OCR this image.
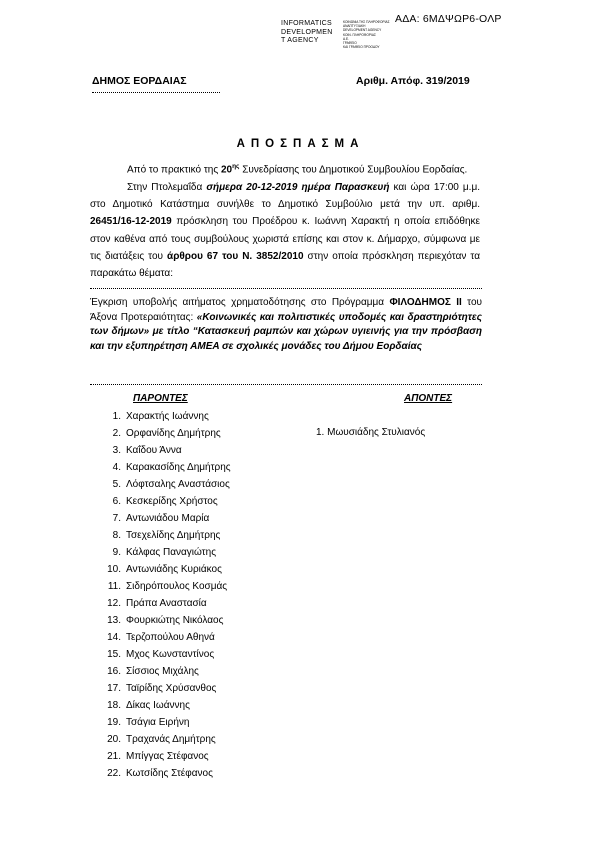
ΑΔΑ: 6ΜΔΨΩΡ6-ΟΛΡ
INFORMATICS
DEVELOPMEN
T AGENCY
ΚΟΙΝΩΝΙΑ ΤΗΣ ΠΛΗΡΟΦΟΡΙΑΣ
ΑΝΑΠΤΥΞΙΑΚΗ
DEVELOPMENT AGENCY
ΚΟΙΝ. ΠΛΗΡΟΦΟΡΙΑΣ
Α.Ε.
ΓΡΑΦΕΙΟ
ΚΑΙ ΓΡΑΦΕΙΟ ΠΡΟΟΔΟΥ
ΔΗΜΟΣ ΕΟΡΔΑΙΑΣ	Αριθμ. Απόφ. 319/2019
ΑΠΟΣΠΑΣΜΑ

Από το πρακτικό της $20^{\eta\varsigma}$ Συνεδρίασης του Δημοτικού Συμβουλίου Εορδαίας.

Στην Πτολεμαΐδα σήμερα 20-12-2019 ημέρα Παρασκευή και ώρα 17:00 μ.μ. στο Δημοτικό Κατάστημα συνήλθε το Δημοτικό Συμβούλιο μετά την υπ. αριθμ. 26451/16-12-2019 πρόσκληση του Προέδρου κ. Ιωάννη Χαρακτή η οποία επιδόθηκε στον καθένα από τους συμβούλους χωριστά επίσης και στον κ. Δήμαρχο, σύμφωνα με τις διατάξεις του άρθρου 67 του Ν. 3852/2010 στην οποία πρόσκληση περιεχόταν τα παρακάτω θέματα:

Έγκριση υποβολής αιτήματος χρηματοδότησης στο Πρόγραμμα ΦΙΛΟΔΗΜΟΣ ΙΙ του Άξονα Προτεραιότητας: «Κοινωνικές και πολιτιστικές υποδομές και δραστηριότητες των δήμων» με τίτλο “Κατασκευή ραμπών και χώρων υγιεινής για την πρόσβαση και την εξυπηρέτηση ΑΜΕΑ σε σχολικές μονάδες του Δήμου Εορδαίας

ΠΑΡΟΝΤΕΣ	ΑΠΟΝΤΕΣ
1. Χαρακτής Ιωάννης
2. Ορφανίδης Δημήτρης
3. Καΐδου Άννα
4. Καρακασίδης Δημήτρης
5. Λόφτσαλης Αναστάσιος
6. Κεσκερίδης Χρήστος
7. Αντωνιάδου Μαρία
8. Τσεχελίδης Δημήτρης
9. Κάλφας Παναγιώτης
10. Αντωνιάδης Κυριάκος
11. Σιδηρόπουλος Κοσμάς
12. Πράπα Αναστασία
13. Φουρκιώτης Νικόλαος
14. Τερζοπούλου Αθηνά
15. Μχος Κωνσταντίνος
16. Σίσσιος Μιχάλης
17. Ταϊρίδης Χρύσανθος
18. Δίκας Ιωάννης
19. Τσάγια Ειρήνη
20. Τραχανάς Δημήτρης
21. Μπίγγας Στέφανος
22. Κωτσίδης Στέφανος
1. Μωυσιάδης Στυλιανός
